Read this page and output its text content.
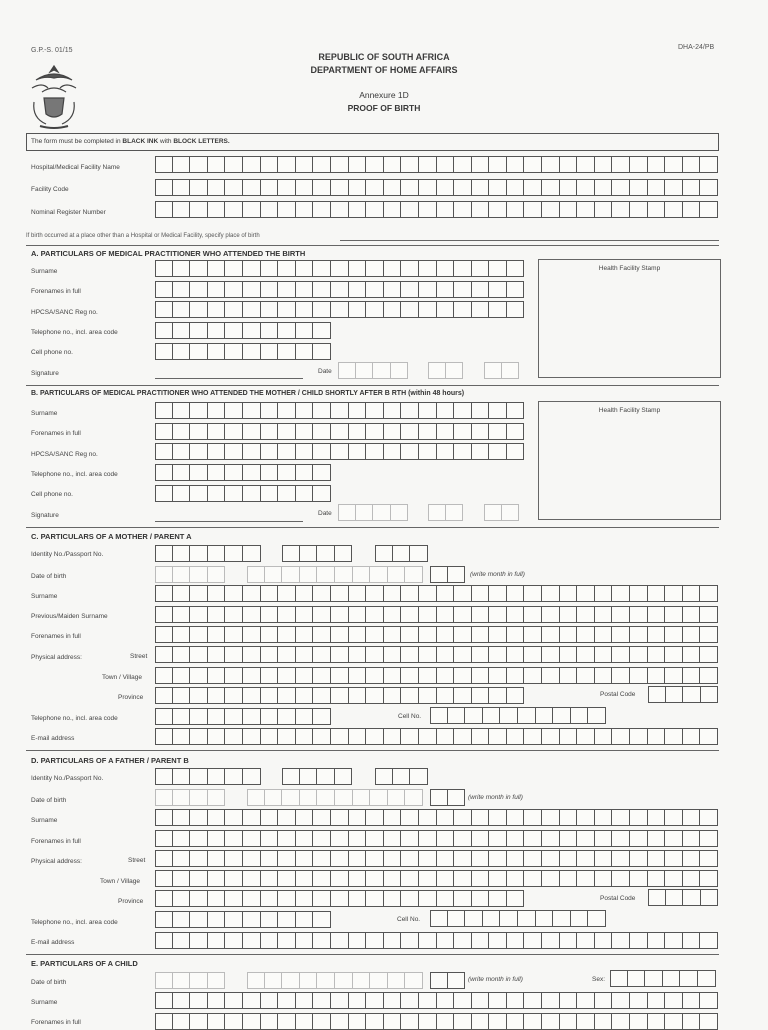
G.P.-S. 01/15	DHA-24/PB
REPUBLIC OF SOUTH AFRICA
DEPARTMENT OF HOME AFFAIRS
Annexure 1D
PROOF OF BIRTH
The form must be completed in BLACK INK with BLOCK LETTERS.
Hospital/Medical Facility Name
Facility Code
Nominal Register Number
If birth occurred at a place other than a Hospital or Medical Facility, specify place of birth
A. PARTICULARS OF MEDICAL PRACTITIONER WHO ATTENDED THE BIRTH
Health Facility Stamp
Surname
Forenames in full
HPCSA/SANC Reg no.
Telephone no., incl. area code
Cell phone no.
Signature	Date
B. PARTICULARS OF MEDICAL PRACTITIONER WHO ATTENDED THE MOTHER / CHILD SHORTLY AFTER B RTH (within 48 hours)
Health Facility Stamp
Surname
Forenames in full
HPCSA/SANC Reg no.
Telephone no., incl. area code
Cell phone no.
Signature	Date
C. PARTICULARS OF A MOTHER / PARENT A
Identity No./Passport No.
Date of birth	(write month in full)
Surname
Previous/Maiden Surname
Forenames in full
Physical address:	Street
Town / Village
Province	Postal Code
Telephone no., incl. area code	Cell No.
E-mail address
D. PARTICULARS OF A FATHER / PARENT B
Identity No./Passport No.
Date of birth	(write month in full)
Surname
Forenames in full
Physical address:	Street
Town / Village
Province	Postal Code
Telephone no., incl. area code	Cell No.
E-mail address
E. PARTICULARS OF A CHILD
Date of birth	(write month in full)	Sex:
Surname
Forenames in full
